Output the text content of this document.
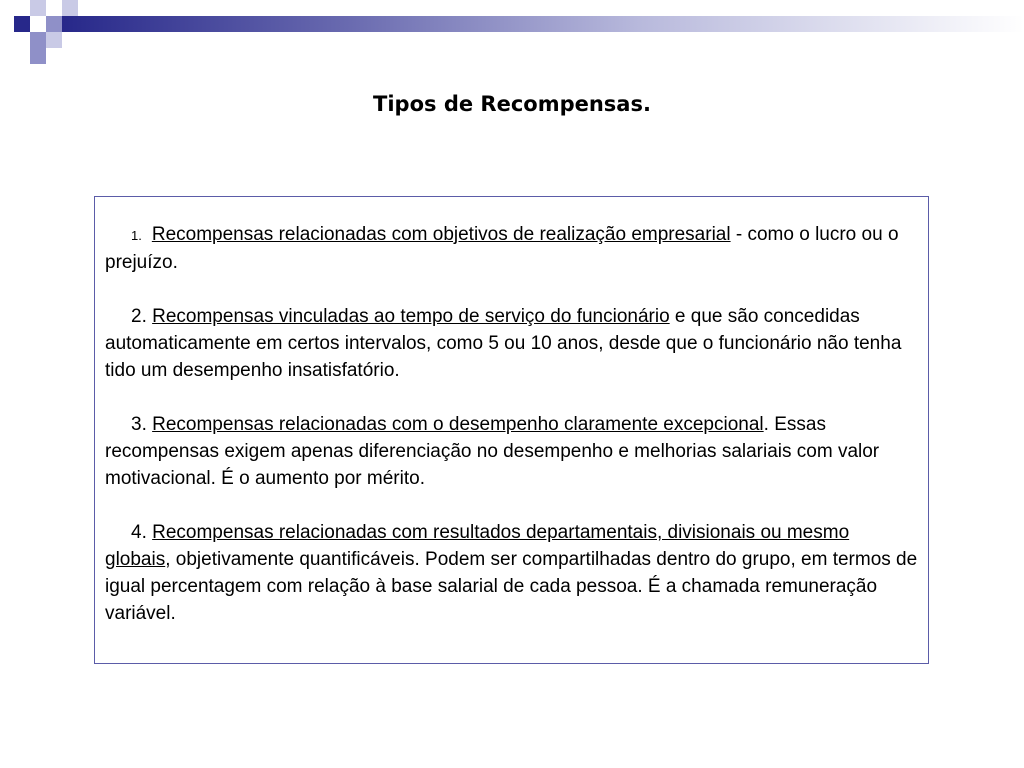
Tipos de Recompensas.

1. Recompensas relacionadas com objetivos de realização empresarial - como o lucro ou o prejuízo.

2. Recompensas vinculadas ao tempo de serviço do funcionário e que são concedidas automaticamente em certos intervalos, como 5 ou 10 anos, desde que o funcionário não tenha tido um desempenho insatisfatório.

3. Recompensas relacionadas com o desempenho claramente excepcional. Essas recompensas exigem apenas diferenciação no desempenho e melhorias salariais com valor motivacional. É o aumento por mérito.

4. Recompensas relacionadas com resultados departamentais, divisionais ou mesmo globais, objetivamente quantificáveis. Podem ser compartilhadas dentro do grupo, em termos de igual percentagem com relação à base salarial de cada pessoa. É a chamada remuneração variável.
